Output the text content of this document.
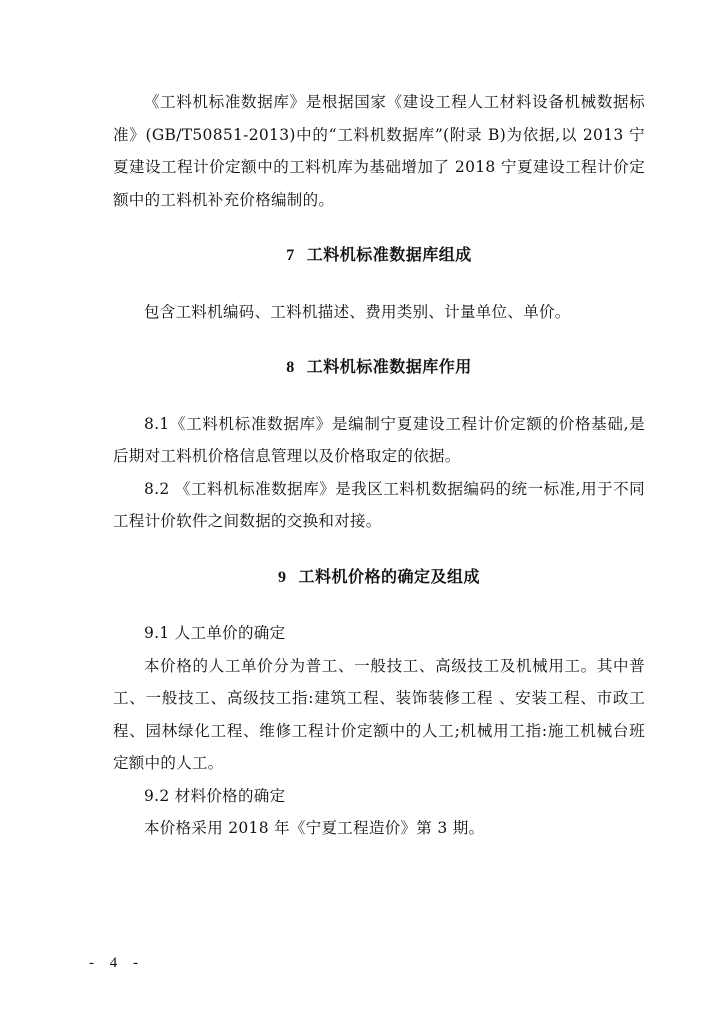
《工料机标准数据库》是根据国家《建设工程人工材料设备机械数据标准》(GB/T50851-2013)中的“工料机数据库”(附录 B)为依据,以 2013 宁夏建设工程计价定额中的工料机库为基础增加了 2018 宁夏建设工程计价定额中的工料机补充价格编制的。

7 工料机标准数据库组成

包含工料机编码、工料机描述、费用类别、计量单位、单价。

8 工料机标准数据库作用

8.1《工料机标准数据库》是编制宁夏建设工程计价定额的价格基础,是后期对工料机价格信息管理以及价格取定的依据。

8.2 《工料机标准数据库》是我区工料机数据编码的统一标准,用于不同工程计价软件之间数据的交换和对接。

9 工料机价格的确定及组成

9.1 人工单价的确定

本价格的人工单价分为普工、一般技工、高级技工及机械用工。其中普工、一般技工、高级技工指:建筑工程、装饰装修工程 、安装工程、市政工程、园林绿化工程、维修工程计价定额中的人工;机械用工指:施工机械台班定额中的人工。

9.2 材料价格的确定

本价格采用 2018 年《宁夏工程造价》第 3 期。

- 4 -
